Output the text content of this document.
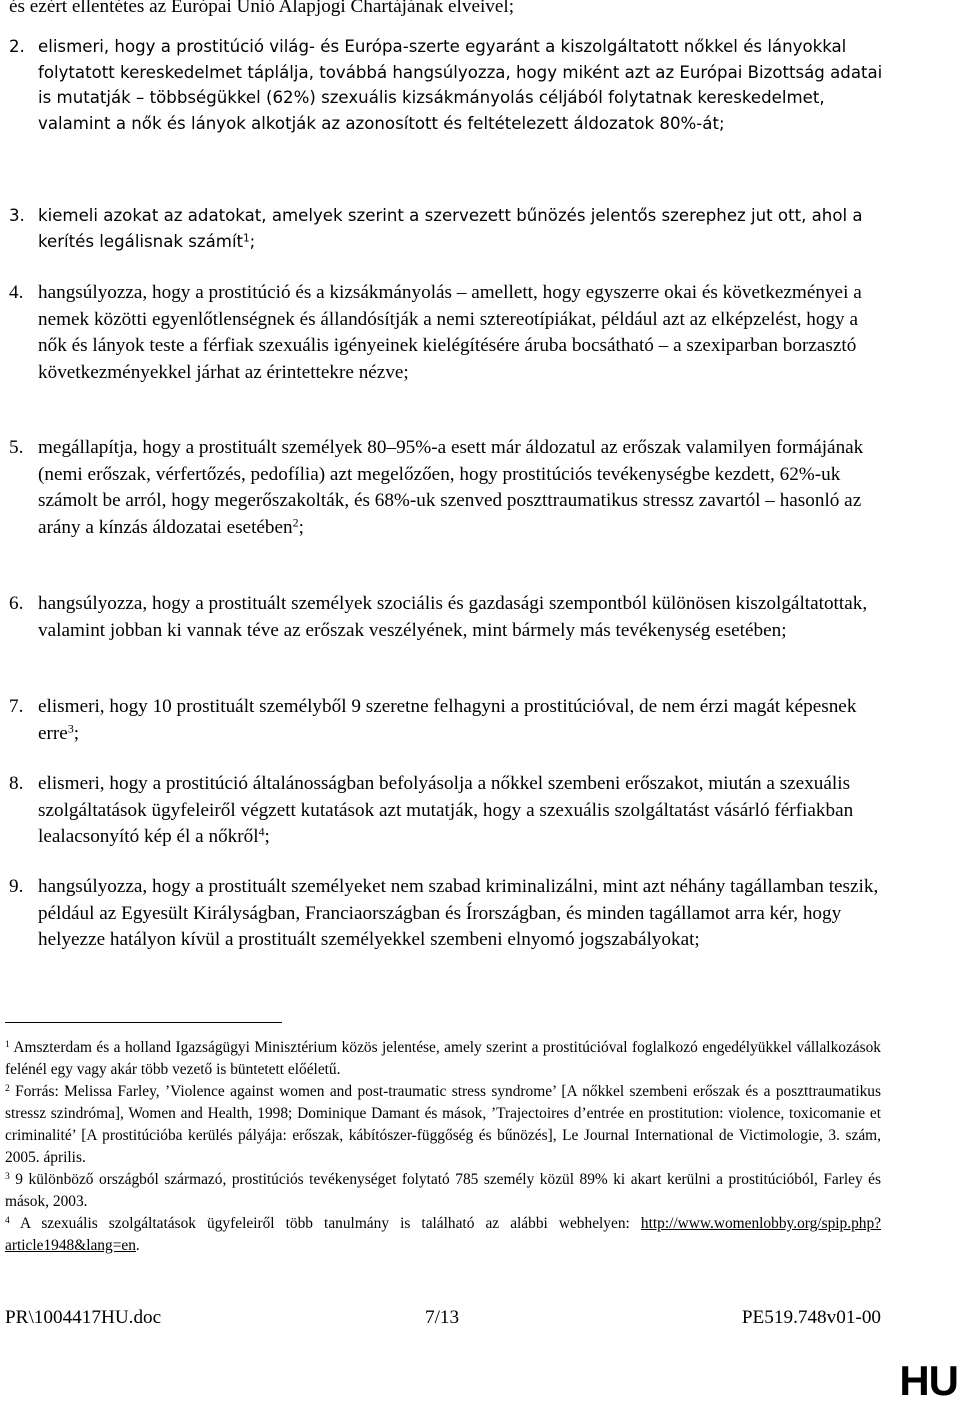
és ezért ellentétes az Európai Unió Alapjogi Chartájának elveivel;
2. elismeri, hogy a prostitúció világ- és Európa-szerte egyaránt a kiszolgáltatott nőkkel és lányokkal folytatott kereskedelmet táplálja, továbbá hangsúlyozza, hogy miként azt az Európai Bizottság adatai is mutatják – többségükkel (62%) szexuális kizsákmányolás céljából folytatnak kereskedelmet, valamint a nők és lányok alkotják az azonosított és feltételezett áldozatok 80%-át;
3. kiemeli azokat az adatokat, amelyek szerint a szervezett bűnözés jelentős szerephez jut ott, ahol a kerítés legálisnak számít$^1$;
4. hangsúlyozza, hogy a prostitúció és a kizsákmányolás – amellett, hogy egyszerre okai és következményei a nemek közötti egyenlőtlenségnek és állandósítják a nemi sztereotípiákat, például azt az elképzelést, hogy a nők és lányok teste a férfiak szexuális igényeinek kielégítésére áruba bocsátható – a szexiparban borzasztó következményekkel járhat az érintettekre nézve;
5. megállapítja, hogy a prostituált személyek 80–95%-a esett már áldozatul az erőszak valamilyen formájának (nemi erőszak, vérfertőzés, pedofília) azt megelőzően, hogy prostitúciós tevékenységbe kezdett, 62%-uk számolt be arról, hogy megerőszakolták, és 68%-uk szenved poszttraumatikus stressz zavartól – hasonló az arány a kínzás áldozatai esetében$^2$;
6. hangsúlyozza, hogy a prostituált személyek szociális és gazdasági szempontból különösen kiszolgáltatottak, valamint jobban ki vannak téve az erőszak veszélyének, mint bármely más tevékenység esetében;
7. elismeri, hogy 10 prostituált személyből 9 szeretne felhagyni a prostitúcióval, de nem érzi magát képesnek erre$^3$;
8. elismeri, hogy a prostitúció általánosságban befolyásolja a nőkkel szembeni erőszakot, miután a szexuális szolgáltatások ügyfeleiről végzett kutatások azt mutatják, hogy a szexuális szolgáltatást vásárló férfiakban lealacsonyító kép él a nőkről$^4$;
9. hangsúlyozza, hogy a prostituált személyeket nem szabad kriminalizálni, mint azt néhány tagállamban teszik, például az Egyesült Királyságban, Franciaországban és Írországban, és minden tagállamot arra kér, hogy helyezze hatályon kívül a prostituált személyekkel szembeni elnyomó jogszabályokat;

$^1$ Amszterdam és a holland Igazságügyi Minisztérium közös jelentése, amely szerint a prostitúcióval foglalkozó engedélyükkel vállalkozások felénél egy vagy akár több vezető is büntetett előéletű.

$^2$ Forrás: Melissa Farley, ’Violence against women and post-traumatic stress syndrome’ [A nőkkel szembeni erőszak és a poszttraumatikus stressz szindróma], Women and Health, 1998; Dominique Damant és mások, ’Trajectoires d’entrée en prostitution: violence, toxicomanie et criminalité’ [A prostitúcióba kerülés pályája: erőszak, kábítószer-függőség és bűnözés], Le Journal International de Victimologie, 3. szám, 2005. április.

$^3$ 9 különböző országból származó, prostitúciós tevékenységet folytató 785 személy közül 89% ki akart kerülni a prostitúcióból, Farley és mások, 2003.

$^4$ A szexuális szolgáltatások ügyfeleiről több tanulmány is található az alábbi webhelyen: http://www.womenlobby.org/spip.php?article1948&lang=en.

PR\1004417HU.doc	7/13	PE519.748v01-00
HU
